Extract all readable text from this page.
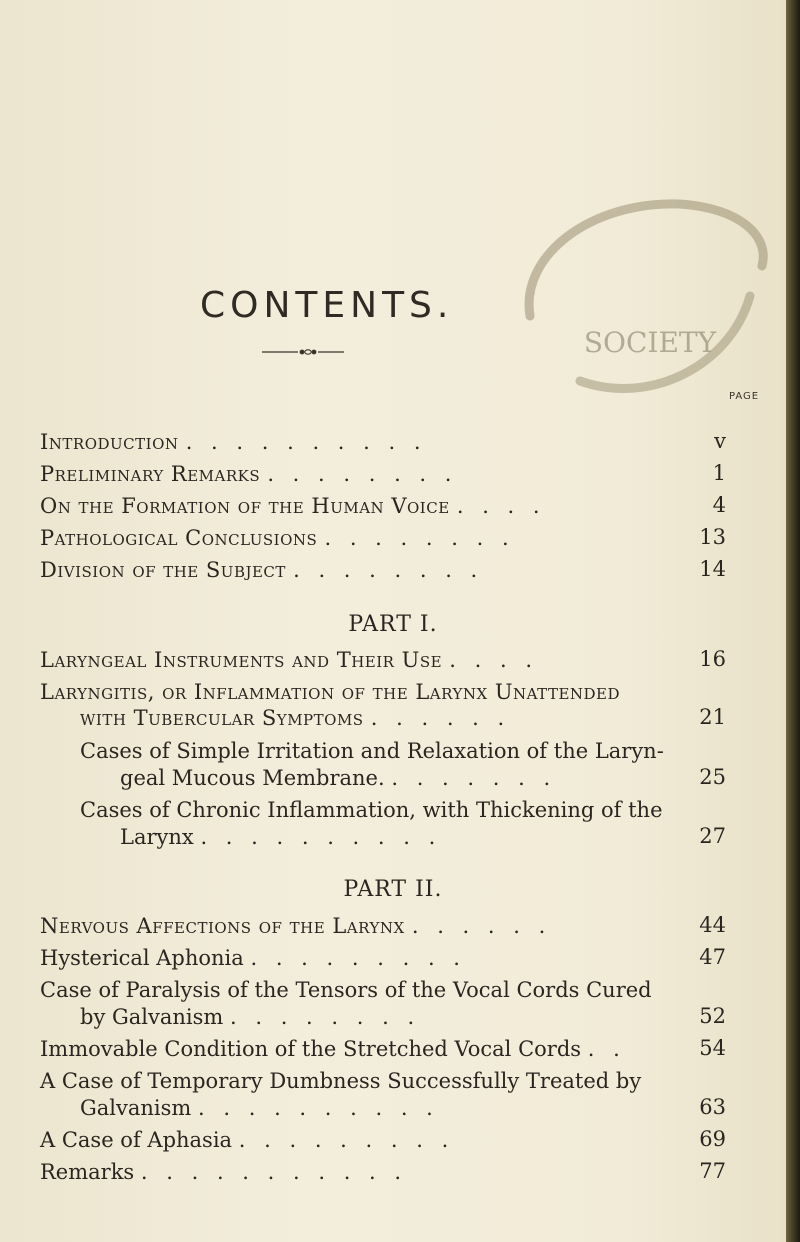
CONTENTS.
SOCIETY
PAGE
Introduction . . . . . . . . . .	v
Preliminary Remarks . . . . . . . .	1
On the Formation of the Human Voice . . . .	4
Pathological Conclusions . . . . . . . .	13
Division of the Subject . . . . . . . .	14
PART I.
Laryngeal Instruments and Their Use . . . .	16
Laryngitis, or Inflammation of the Larynx Unattended
with Tubercular Symptoms . . . . . .	21
Cases of Simple Irritation and Relaxation of the Laryn-
geal Mucous Membrane. . . . . . . .	25
Cases of Chronic Inflammation, with Thickening of the
Larynx . . . . . . . . . .	27
PART II.
Nervous Affections of the Larynx . . . . . .	44
Hysterical Aphonia . . . . . . . . .	47
Case of Paralysis of the Tensors of the Vocal Cords Cured
by Galvanism . . . . . . . .	52
Immovable Condition of the Stretched Vocal Cords . .	54
A Case of Temporary Dumbness Successfully Treated by
Galvanism . . . . . . . . . .	63
A Case of Aphasia . . . . . . . . .	69
Remarks . . . . . . . . . . .	77
